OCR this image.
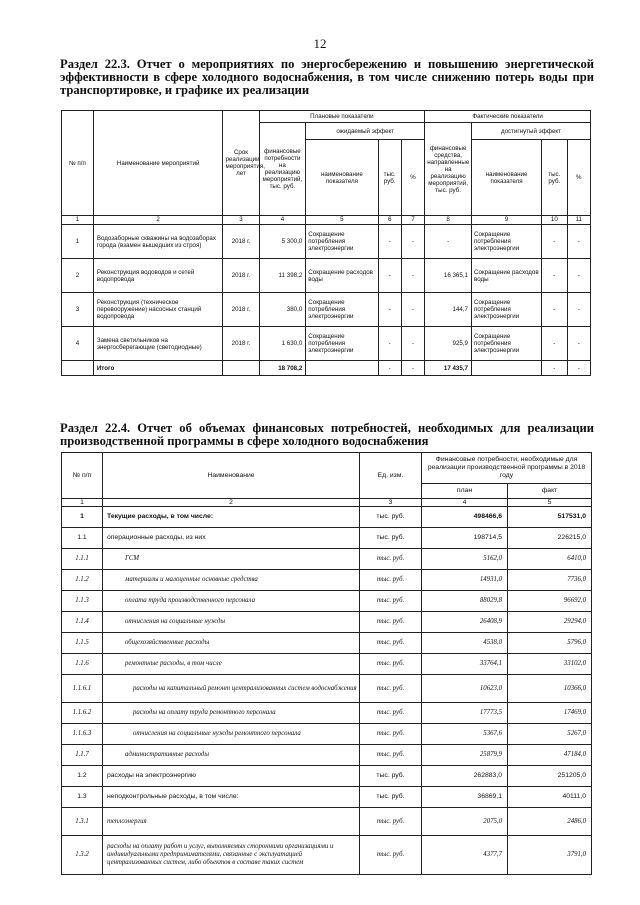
12
Раздел 22.3. Отчет о мероприятиях по энергосбережению и повышению энергетической эффективности в сфере холодного водоснабжения, в том числе снижению потерь воды при транспортировке, и графике их реализации
№ п/п	Наименование мероприятий	Срок реализации мероприятия, лет	Плановые показатели				Фактические показатели			
			финансовые потребности на реализацию мероприятий, тыс. руб.	ожидаемый эффект			финансовые средства, направленные на реализацию мероприятий, тыс. руб.	достигнутый эффект		
				наименование показателя	тыс. руб.	%		наименование показателя	тыс. руб.	%
1	2	3	4	5	6	7	8	9	10	11
1	Водозаборные скважины на водозаборах города (взамен вышедших из строя)	2018 г.	5 300,0	Сокращение потребления электроэнергии	-	-	-	Сокращение потребления электроэнергии	-	-
2	Реконструкция водоводов и сетей водопровода	2018 г.	11 398,2	Сокращение расходов воды	-	-	16 365,1	Сокращение расходов воды	-	-
3	Реконструкция (техническое перевооружение) насосных станций водопровода	2018 г.	380,0	Сокращение потребления электроэнергии	-	-	144,7	Сокращение потребления электроэнергии	-	-
4	Замена светильников на энергосберегающие (светодиодные)	2018 г.	1 630,0	Сокращение потребления электроэнергии	-	-	925,9	Сокращение потребления электроэнергии	-	-
	Итого		18 708,2		-	-	17 435,7		-	-
Раздел 22.4. Отчет об объемах финансовых потребностей, необходимых для реализации производственной программы в сфере холодного водоснабжения
№ п/п	Наименование	Ед. изм.	Финансовые потребности, необходимые для реализации производственной программы в 2018 году	
			план	факт
1	2	3	4	5
1	Текущие расходы, в том числе:	тыс. руб.	498466,6	517531,0
1.1	операционные расходы, из них	тыс. руб.	198714,5	226215,0
1.1.1	ГСМ	тыс. руб.	5162,0	6410,0
1.1.2	материалы и малоценные основные средства	тыс. руб.	14931,0	7736,0
1.1.3	оплата труда производственного персонала	тыс. руб.	88029,8	96692,0
1.1.4	отчисления на социальные нужды	тыс. руб.	26408,9	29294,0
1.1.5	общехозяйственные расходы	тыс. руб.	4538,0	5796,0
1.1.6	ремонтные расходы, в том числе	тыс. руб.	33764,1	33102,0
1.1.6.1	расходы на капитальный ремонт централизованных систем водоснабжения	тыс. руб.	10623,0	10366,0
1.1.6.2	расходы на оплату труда ремонтного персонала	тыс. руб.	17773,5	17469,0
1.1.6.3	отчисления на социальные нужды ремонтного персонала	тыс. руб.	5367,6	5267,0
1.1.7	административные расходы	тыс. руб.	25879,9	47184,0
1.2	расходы на электроэнергию	тыс. руб.	262883,0	251205,0
1.3	неподконтрольные расходы, в том числе:	тыс. руб.	36869,1	40111,0
1.3.1	теплоэнергия	тыс. руб.	2075,0	2486,0
1.3.2	расходы на оплату работ и услуг, выполняемых сторонними организациями и индивидуальными предпринимателями, связанные с эксплуатацией централизованных систем, либо объектов в составе таких систем	тыс. руб.	4377,7	3791,0
